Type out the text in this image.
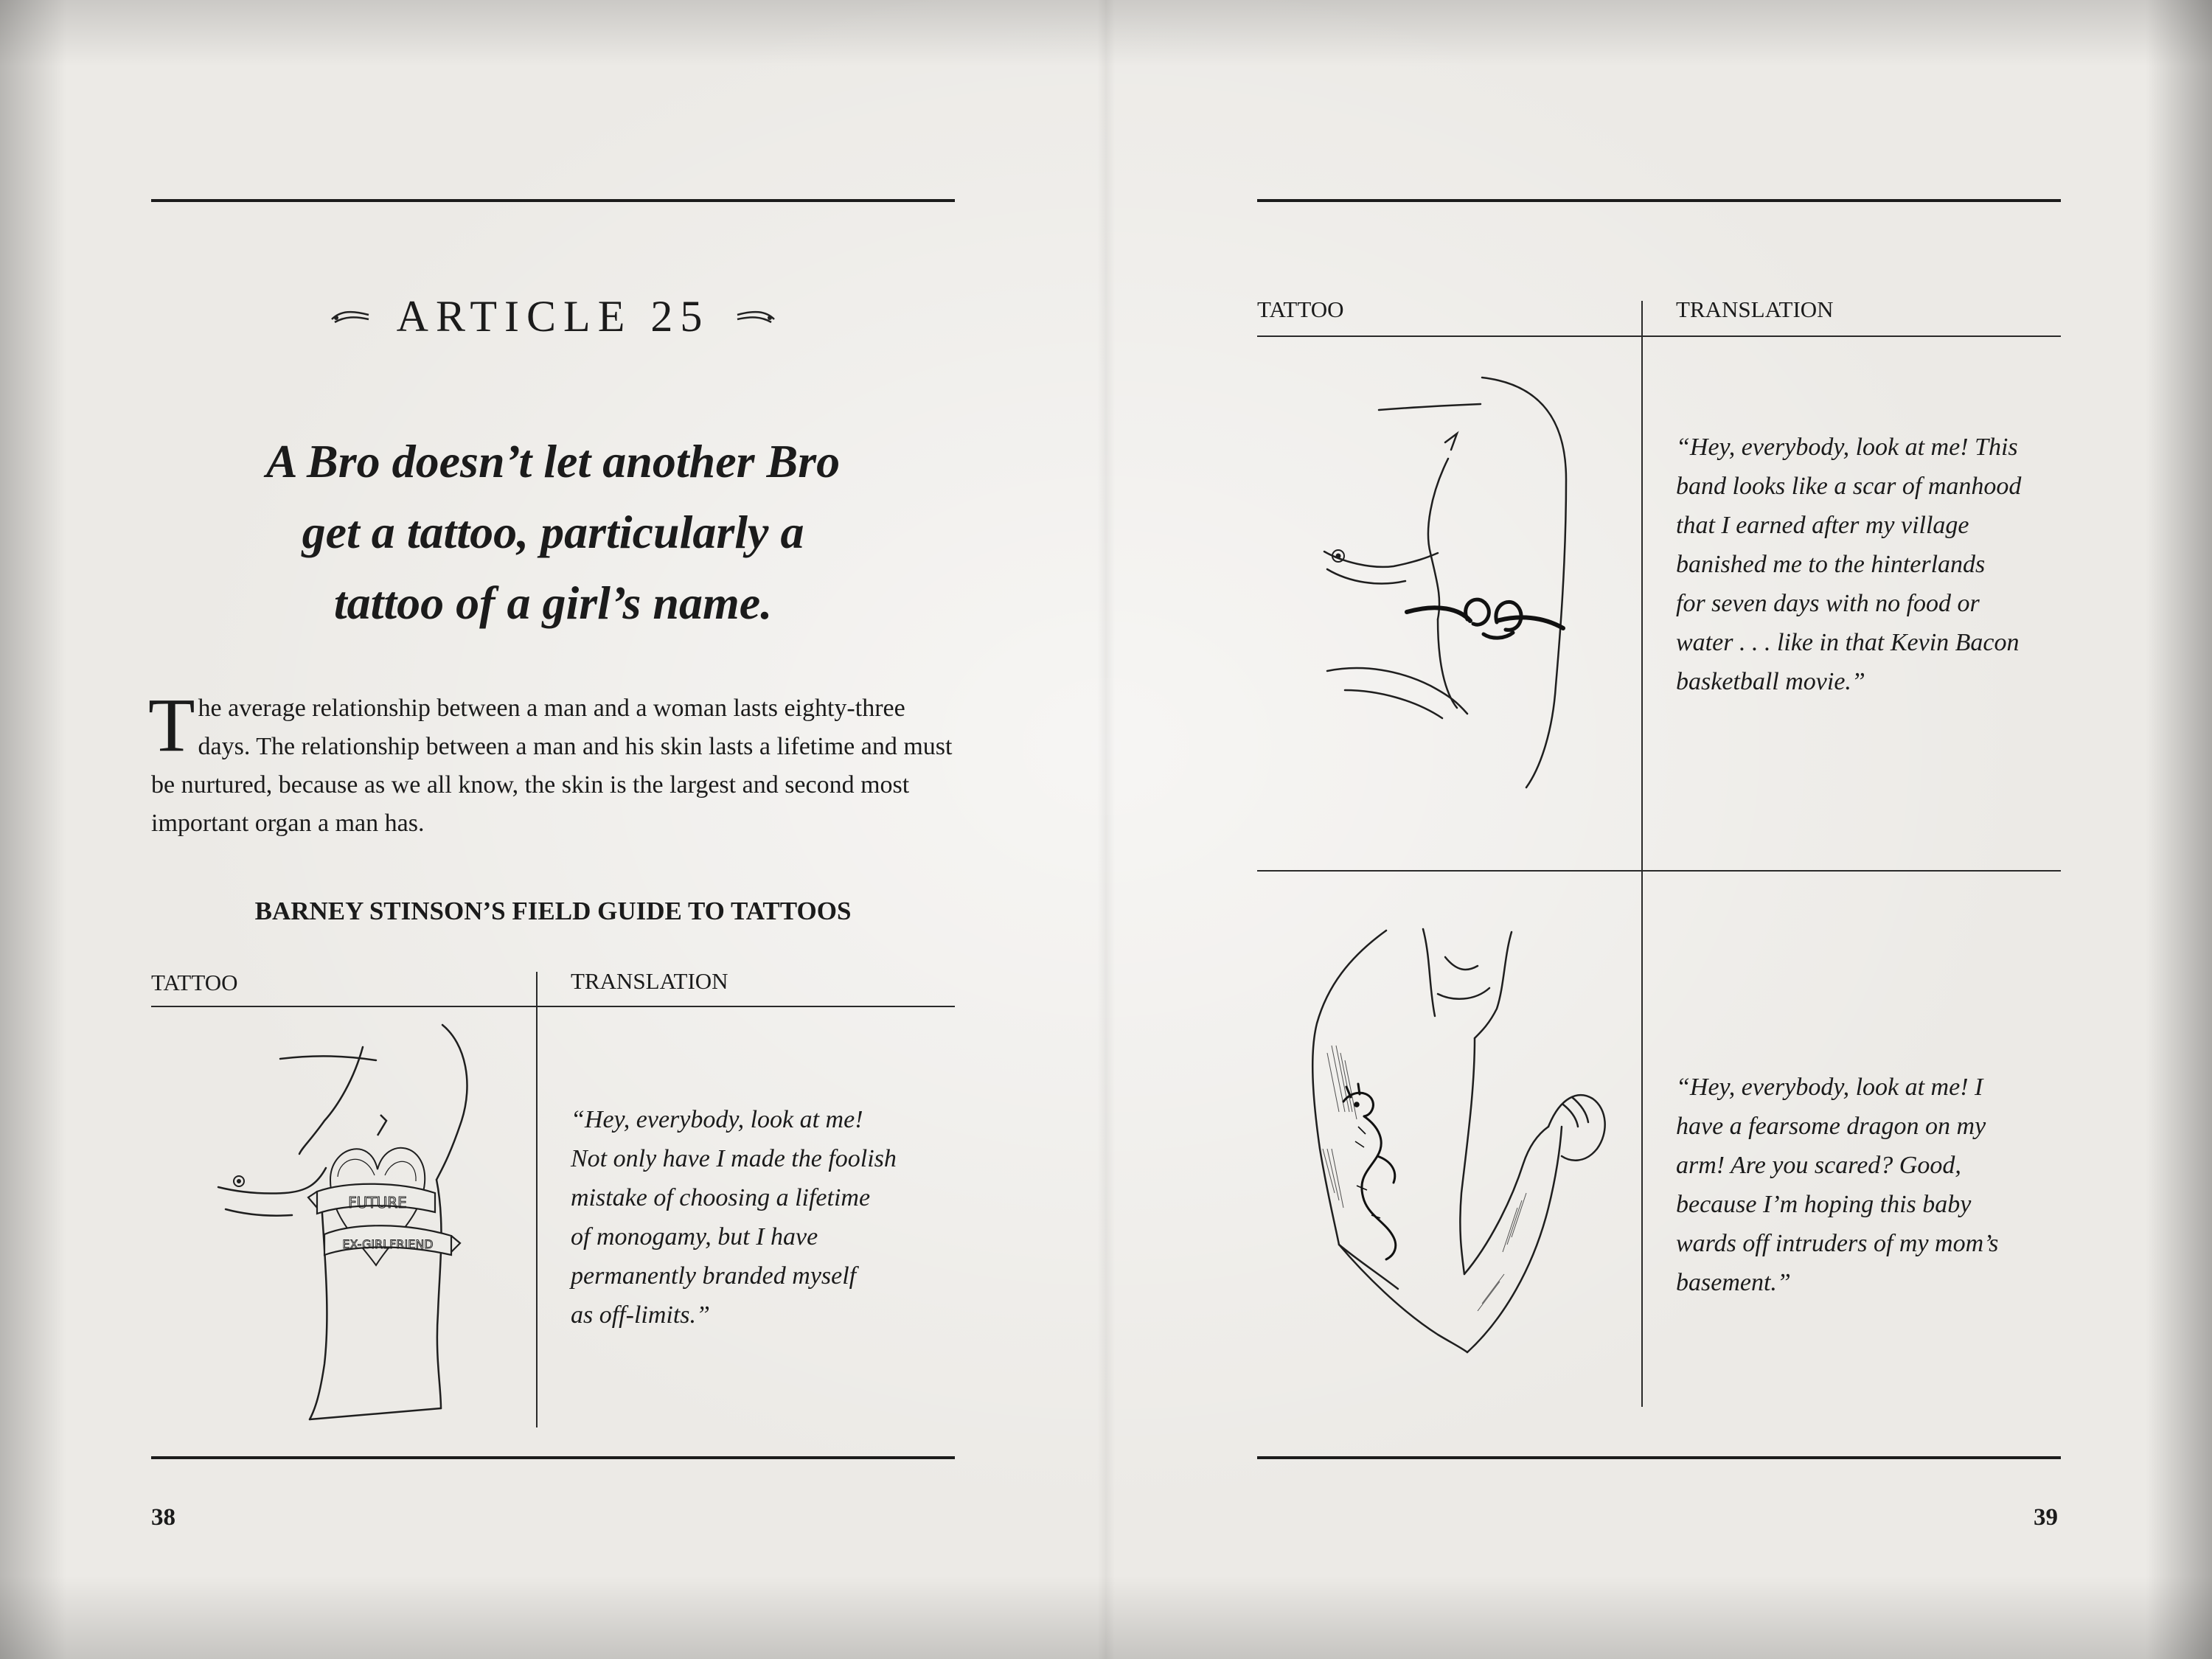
ARTICLE 25
A Bro doesn’t let another Bro
get a tattoo, particularly a
tattoo of a girl’s name.

The average relationship between a man and a woman lasts eighty-three days. The relationship between a man and his skin lasts a lifetime and must be nurtured, because as we all know, the skin is the largest and second most important organ a man has.

BARNEY STINSON’S FIELD GUIDE TO TATTOOS

TATTOO	TRANSLATION

FUTURE
EX-GIRLFRIEND

“Hey, everybody, look at me!
Not only have I made the foolish
mistake of choosing a lifetime
of monogamy, but I have
permanently branded myself
as off-limits.”

38

TATTOO	TRANSLATION

“Hey, everybody, look at me! This
band looks like a scar of manhood
that I earned after my village
banished me to the hinterlands
for seven days with no food or
water . . . like in that Kevin Bacon
basketball movie.”

“Hey, everybody, look at me! I
have a fearsome dragon on my
arm! Are you scared? Good,
because I’m hoping this baby
wards off intruders of my mom’s
basement.”

39
